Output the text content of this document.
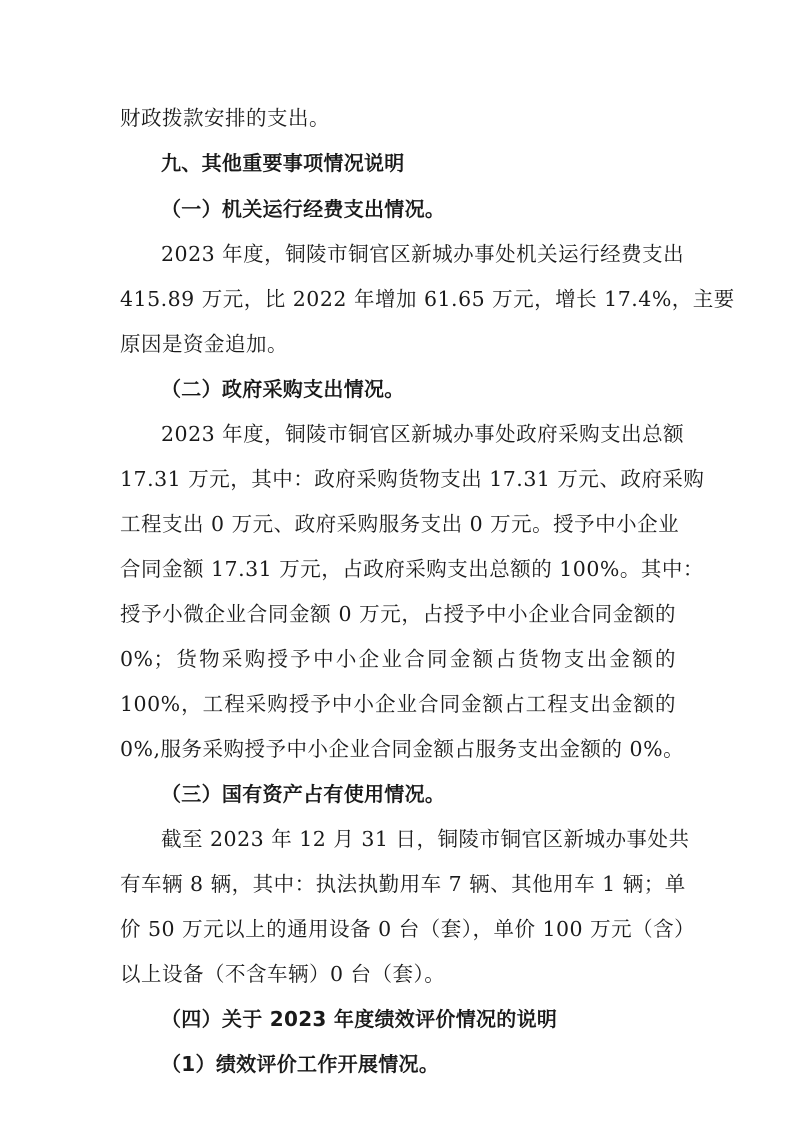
财政拨款安排的支出。
九、其他重要事项情况说明
（一）机关运行经费支出情况。
2023 年度，铜陵市铜官区新城办事处机关运行经费支出
415.89 万元，比 2022 年增加 61.65 万元，增长 17.4%，主要
原因是资金追加。
（二）政府采购支出情况。
2023 年度，铜陵市铜官区新城办事处政府采购支出总额
17.31 万元，其中：政府采购货物支出 17.31 万元、政府采购
工程支出 0 万元、政府采购服务支出 0 万元。授予中小企业
合同金额 17.31 万元，占政府采购支出总额的 100%。其中：
授予小微企业合同金额 0 万元，占授予中小企业合同金额的
0%；货物采购授予中小企业合同金额占货物支出金额的
100%，工程采购授予中小企业合同金额占工程支出金额的
0%,服务采购授予中小企业合同金额占服务支出金额的 0%。
（三）国有资产占有使用情况。
截至 2023 年 12 月 31 日，铜陵市铜官区新城办事处共
有车辆 8 辆，其中：执法执勤用车 7 辆、其他用车 1 辆；单
价 50 万元以上的通用设备 0 台（套），单价 100 万元（含）
以上设备（不含车辆）0 台（套）。
（四）关于 2023 年度绩效评价情况的说明
（1）绩效评价工作开展情况。
